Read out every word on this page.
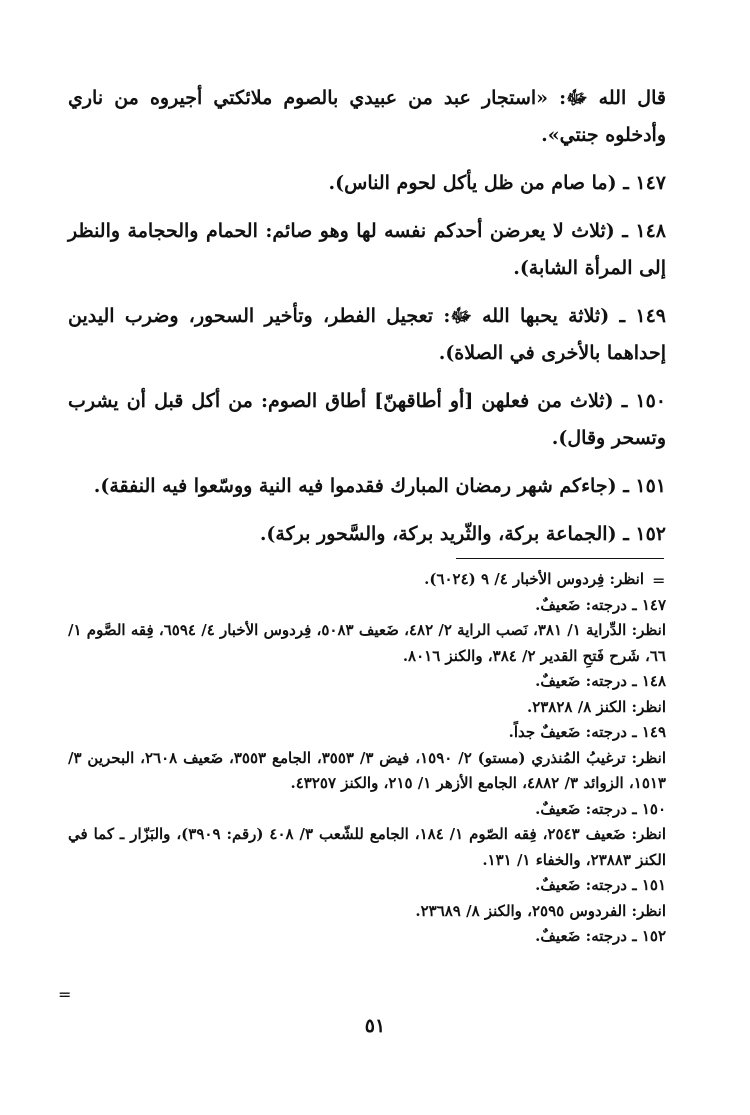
قال الله ﷻ: «استجار عبد من عبيدي بالصوم ملائكتي أجيروه من ناري وأدخلوه جنتي».

١٤٧ ـ (ما صام من ظل يأكل لحوم الناس).

١٤٨ ـ (ثلاث لا يعرضن أحدكم نفسه لها وهو صائم: الحمام والحجامة والنظر إلى المرأة الشابة).

١٤٩ ـ (ثلاثة يحبها الله ﷻ: تعجيل الفطر، وتأخير السحور، وضرب اليدين إحداهما بالأخرى في الصلاة).

١٥٠ ـ (ثلاث من فعلهن [أو أطاقهنّ] أطاق الصوم: من أكل قبل أن يشرب وتسحر وقال).

١٥١ ـ (جاءكم شهر رمضان المبارك فقدموا فيه النية ووسّعوا فيه النفقة).

١٥٢ ـ (الجماعة بركة، والثّريد بركة، والسَّحور بركة).

=
=
انظر: فِردوس الأخبار ٤/ ٩ (٦٠٢٤).
١٤٧ ـ درجته: ضَعيفٌ.
انظر: الدِّراية ١/ ٣٨١، نَصب الراية ٢/ ٤٨٢، ضَعيف ٥٠٨٣، فِردوس الأخبار ٤/ ٦٥٩٤، فِقه الصَّوم ١/ ٦٦، شَرح فَتحِ القدير ٢/ ٣٨٤، والكنز ٨٠١٦.
١٤٨ ـ درجته: ضَعيفٌ.
انظر: الكنز ٨/ ٢٣٨٢٨.
١٤٩ ـ درجته: ضَعيفٌ جداً.
انظر: ترغيبُ المُنذري (مستو) ٢/ ١٥٩٠، فيض ٣/ ٣٥٥٣، الجامع ٣٥٥٣، ضَعيف ٢٦٠٨، البحرين ٣/ ١٥١٣، الزوائد ٣/ ٤٨٨٢، الجامع الأزهر ١/ ٢١٥، والكنز ٤٣٢٥٧.
١٥٠ ـ درجته: ضَعيفٌ.
انظر: ضَعيف ٢٥٤٣، فِقه الصّوم ١/ ١٨٤، الجامع للشّعب ٣/ ٤٠٨ (رقم: ٣٩٠٩)، والبَزّار ـ كما في الكنز ٢٣٨٨٣، والخفاء ١/ ١٣١.
١٥١ ـ درجته: ضَعيفٌ.
انظر: الفردوس ٢٥٩٥، والكنز ٨/ ٢٣٦٨٩.
١٥٢ ـ درجته: ضَعيفٌ.
٥١
